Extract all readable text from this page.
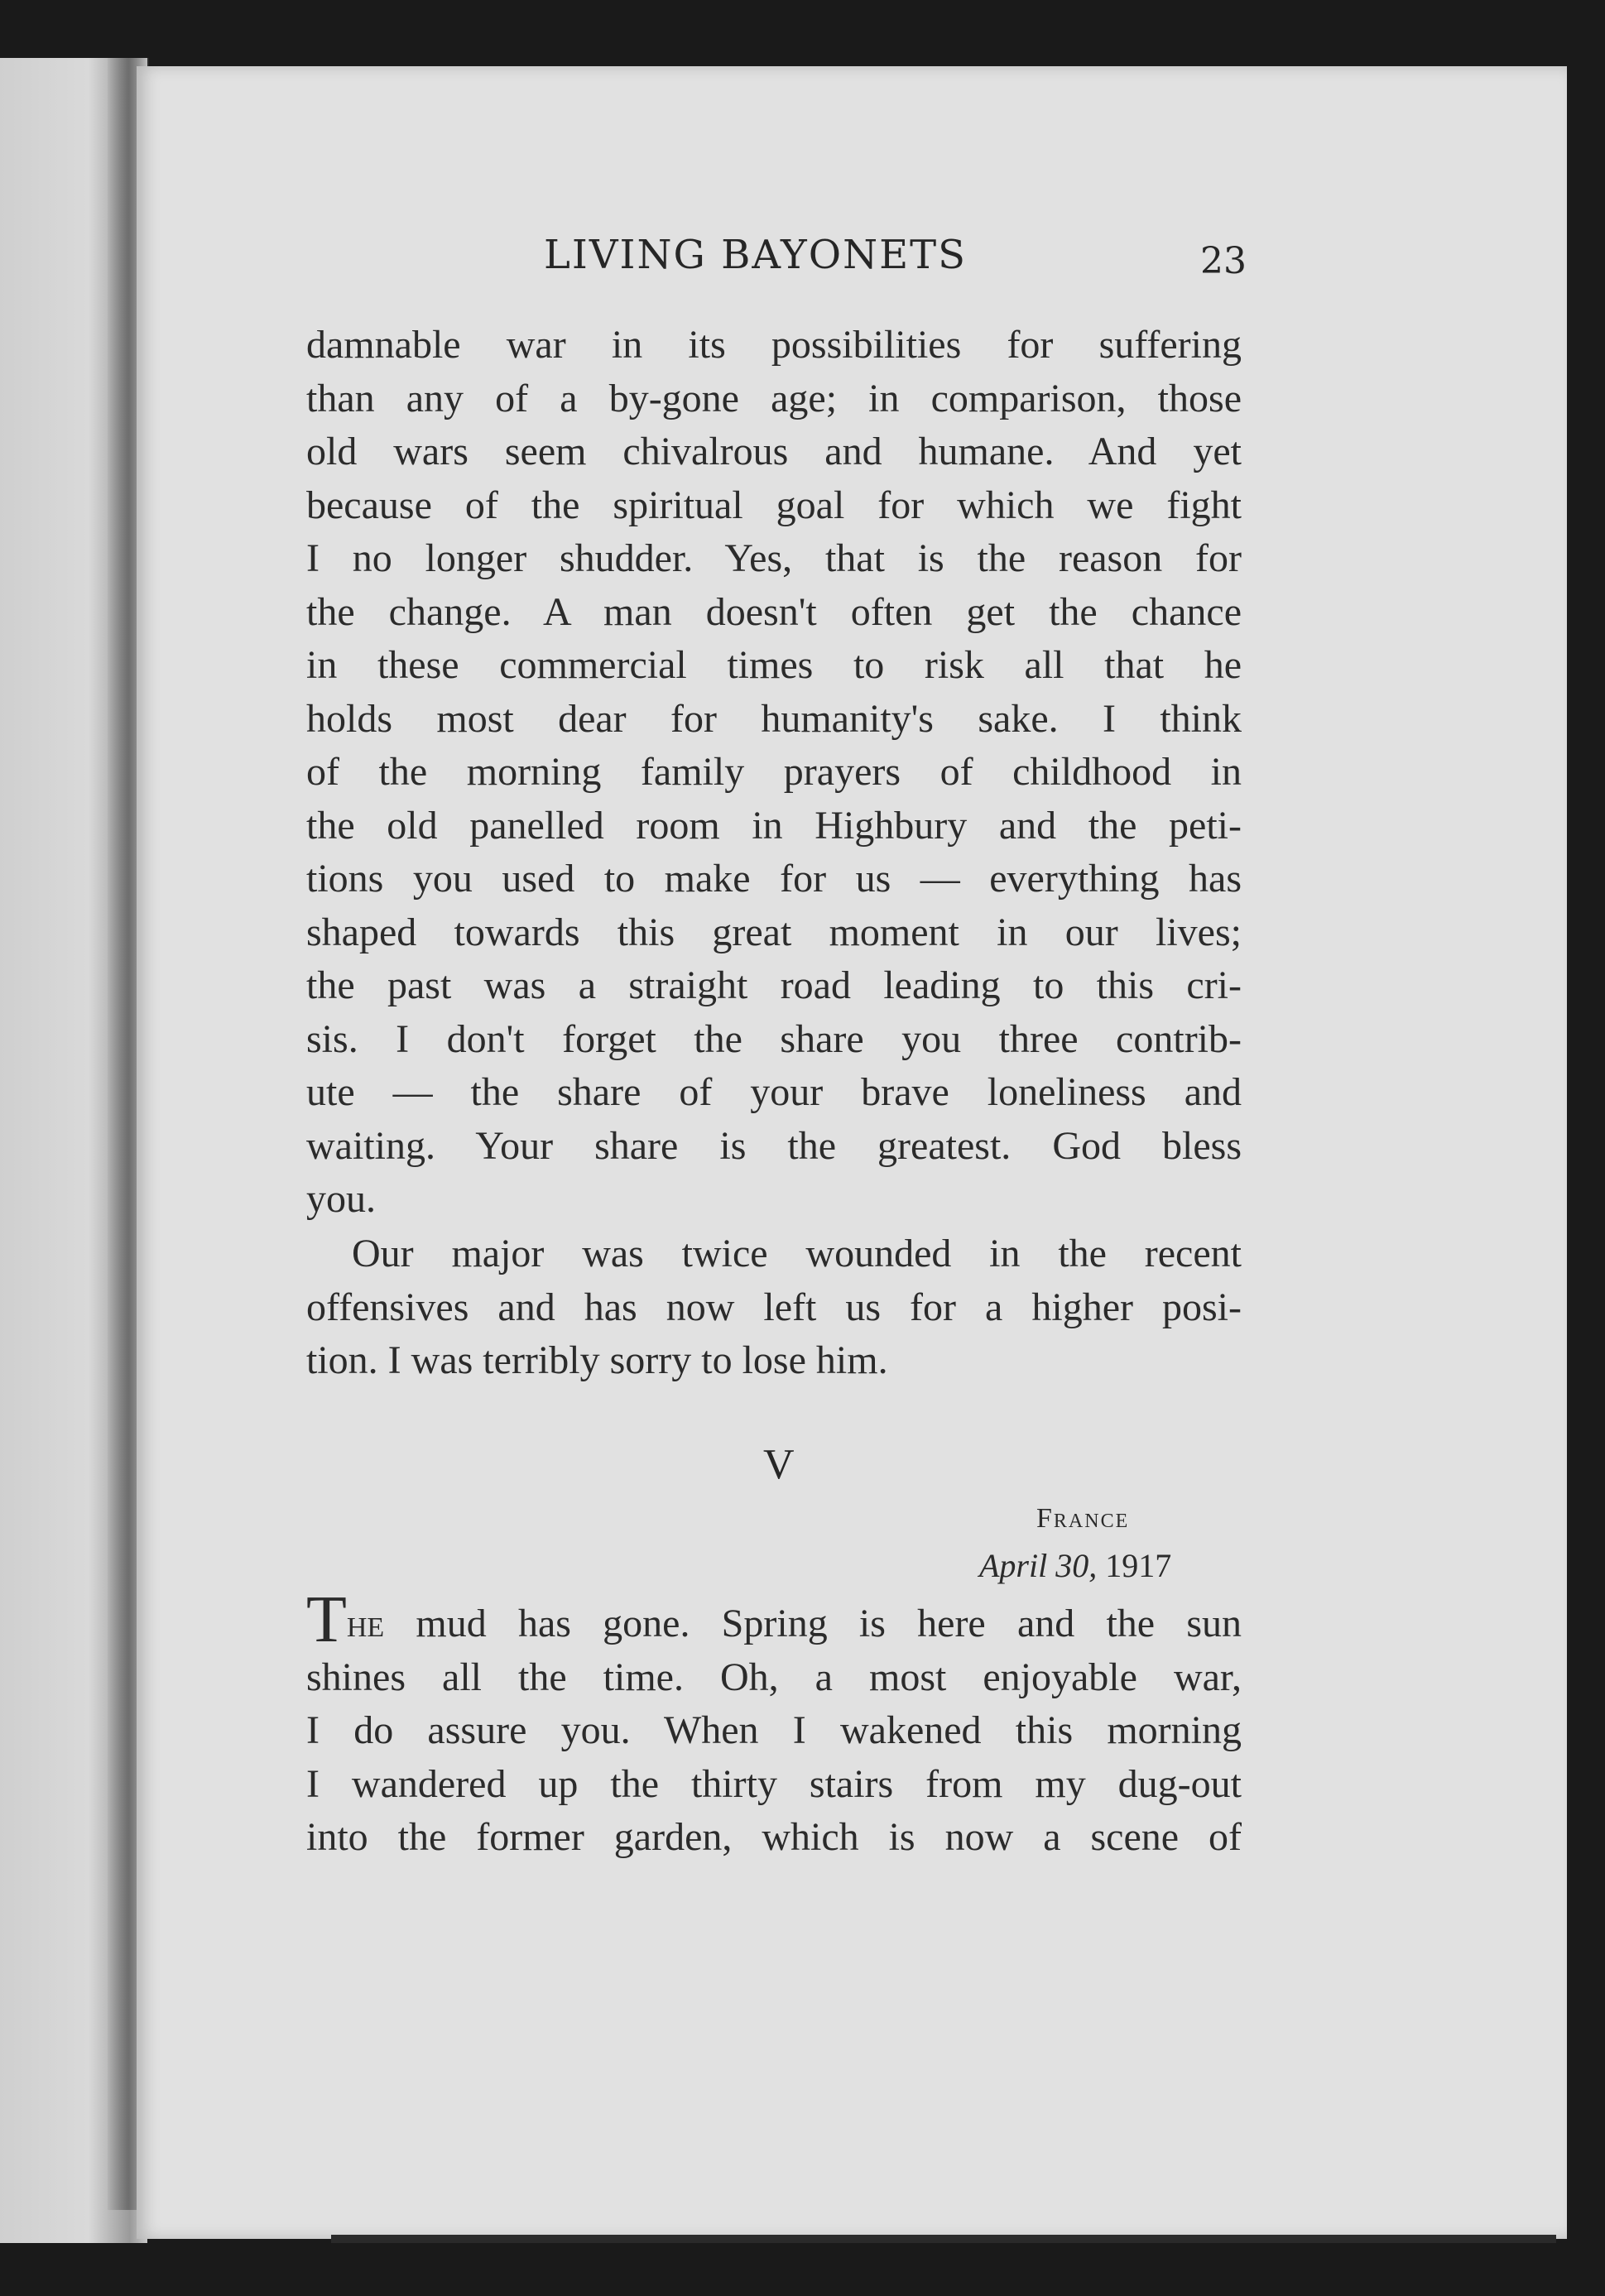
LIVING BAYONETS	23
damnable war in its possibilities for suffering
than any of a by-gone age; in comparison, those
old wars seem chivalrous and humane. And yet
because of the spiritual goal for which we fight
I no longer shudder. Yes, that is the reason for
the change. A man doesn't often get the chance
in these commercial times to risk all that he
holds most dear for humanity's sake. I think
of the morning family prayers of childhood in
the old panelled room in Highbury and the peti-
tions you used to make for us — everything has
shaped towards this great moment in our lives;
the past was a straight road leading to this cri-
sis. I don't forget the share you three contrib-
ute — the share of your brave loneliness and
waiting. Your share is the greatest. God bless
you.
Our major was twice wounded in the recent
offensives and has now left us for a higher posi-
tion. I was terribly sorry to lose him.
V
France
April 30, 1917
The mud has gone. Spring is here and the sun
shines all the time. Oh, a most enjoyable war,
I do assure you. When I wakened this morning
I wandered up the thirty stairs from my dug-out
into the former garden, which is now a scene of
